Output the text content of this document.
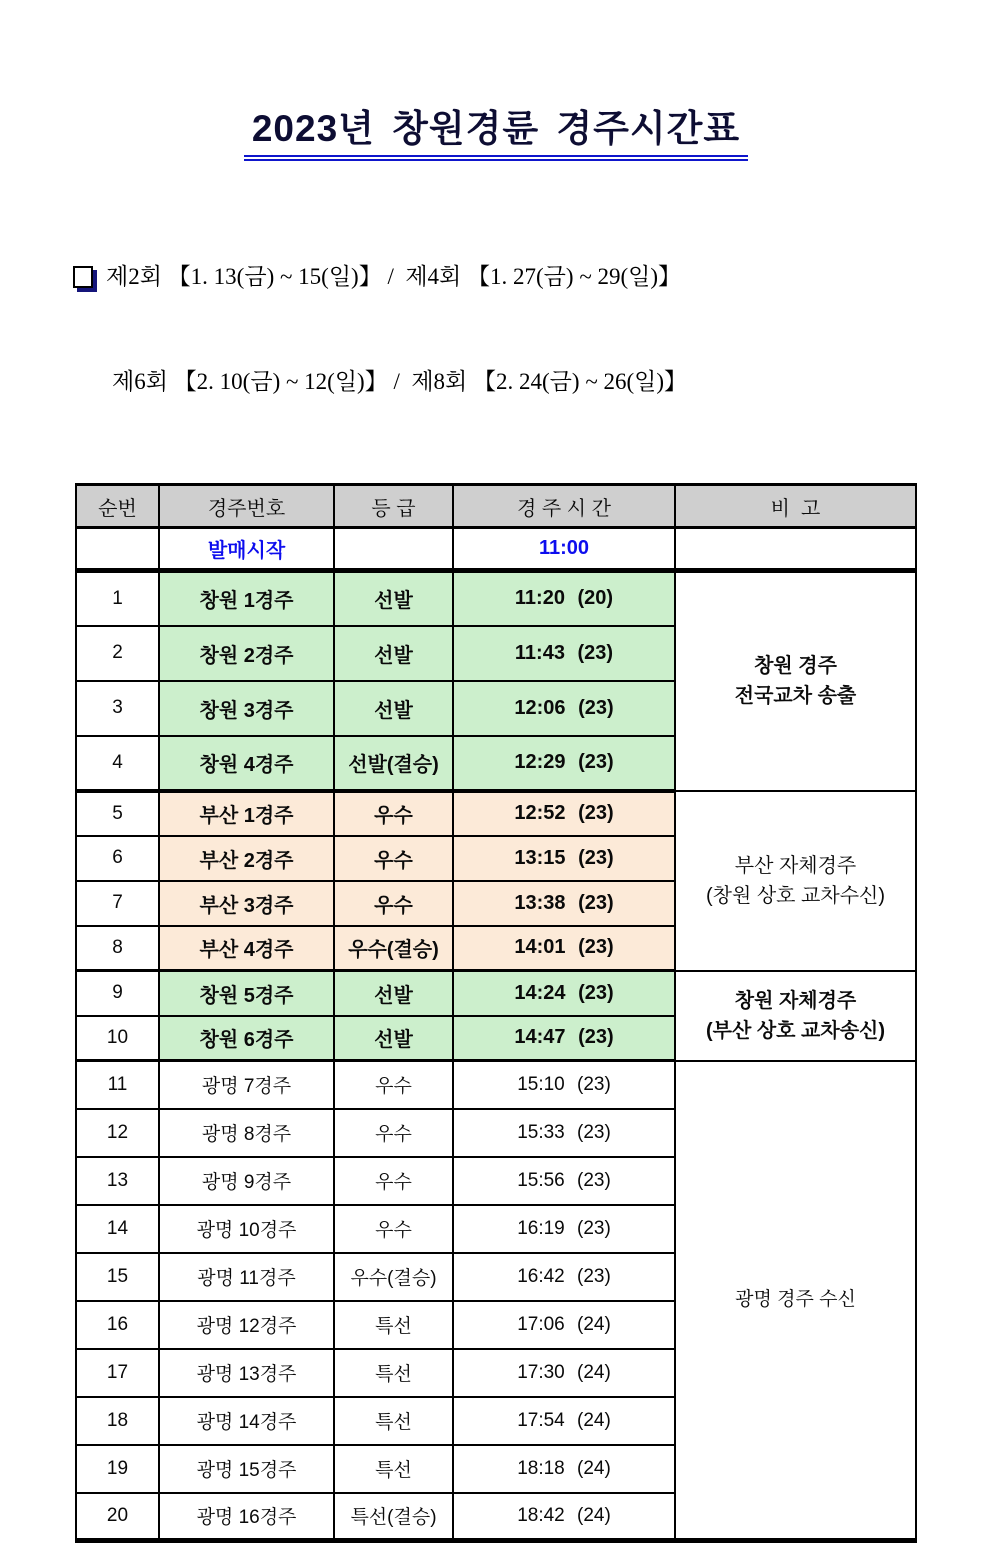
2023년 창원경륜 경주시간표

제2회 【1. 13(금) ~ 15(일)】 /  제4회 【1. 27(금) ~ 29(일)】

제6회 【2. 10(금) ~ 12(일)】 /  제8회 【2. 24(금) ~ 26(일)】

순번	경주번호	등 급	경 주 시 간	비  고
	발매시작		11:00	
1	창원 1경주	선발	11:20 (20)	창원 경주
전국교차 송출

2	창원 2경주	선발	11:43 (23)	
3	창원 3경주	선발	12:06 (23)	
4	창원 4경주	선발(결승)	12:29 (23)	
5	부산 1경주	우수	12:52 (23)	부산 자체경주
(창원 상호 교차수신)

6	부산 2경주	우수	13:15 (23)	
7	부산 3경주	우수	13:38 (23)	
8	부산 4경주	우수(결승)	14:01 (23)	
9	창원 5경주	선발	14:24 (23)	창원 자체경주
(부산 상호 교차송신)

10	창원 6경주	선발	14:47 (23)	
11	광명 7경주	우수	15:10 (23)	광명 경주 수신

12	광명 8경주	우수	15:33 (23)	
13	광명 9경주	우수	15:56 (23)	
14	광명 10경주	우수	16:19 (23)	
15	광명 11경주	우수(결승)	16:42 (23)	
16	광명 12경주	특선	17:06 (24)	
17	광명 13경주	특선	17:30 (24)	
18	광명 14경주	특선	17:54 (24)	
19	광명 15경주	특선	18:18 (24)	
20	광명 16경주	특선(결승)	18:42 (24)	
